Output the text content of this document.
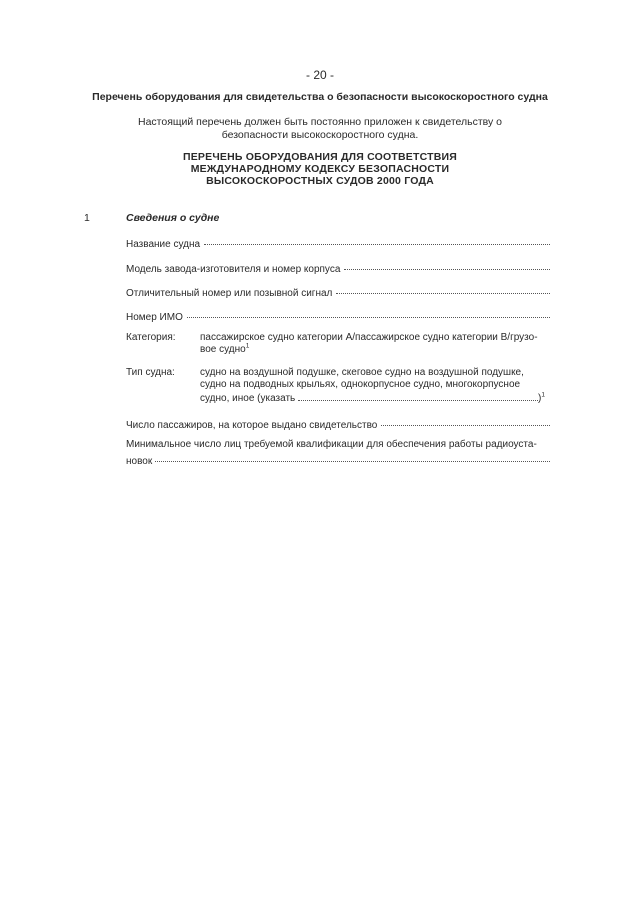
- 20 -
Перечень оборудования для свидетельства о безопасности высокоскоростного судна
Настоящий перечень должен быть постоянно приложен к свидетельству о
безопасности высокоскоростного судна.
ПЕРЕЧЕНЬ ОБОРУДОВАНИЯ ДЛЯ СООТВЕТСТВИЯ
МЕЖДУНАРОДНОМУ КОДЕКСУ БЕЗОПАСНОСТИ
ВЫСОКОСКОРОСТНЫХ СУДОВ 2000 ГОДА
1	Сведения о судне
Название судна
Модель завода-изготовителя и номер корпуса
Отличительный номер или позывной сигнал
Номер ИМО
Категория: пассажирское судно категории А/пассажирское судно категории В/грузо-вое судно$^1$
Тип судна:	судно на воздушной подушке, скеговое судно на воздушной подушке, судно на подводных крыльях, однокорпусное судно, многокорпусное судно, иное (указать	)$^1$
Число пассажиров, на которое выдано свидетельство
Минимальное число лиц требуемой квалификации для обеспечения работы радиоуста-
новок
